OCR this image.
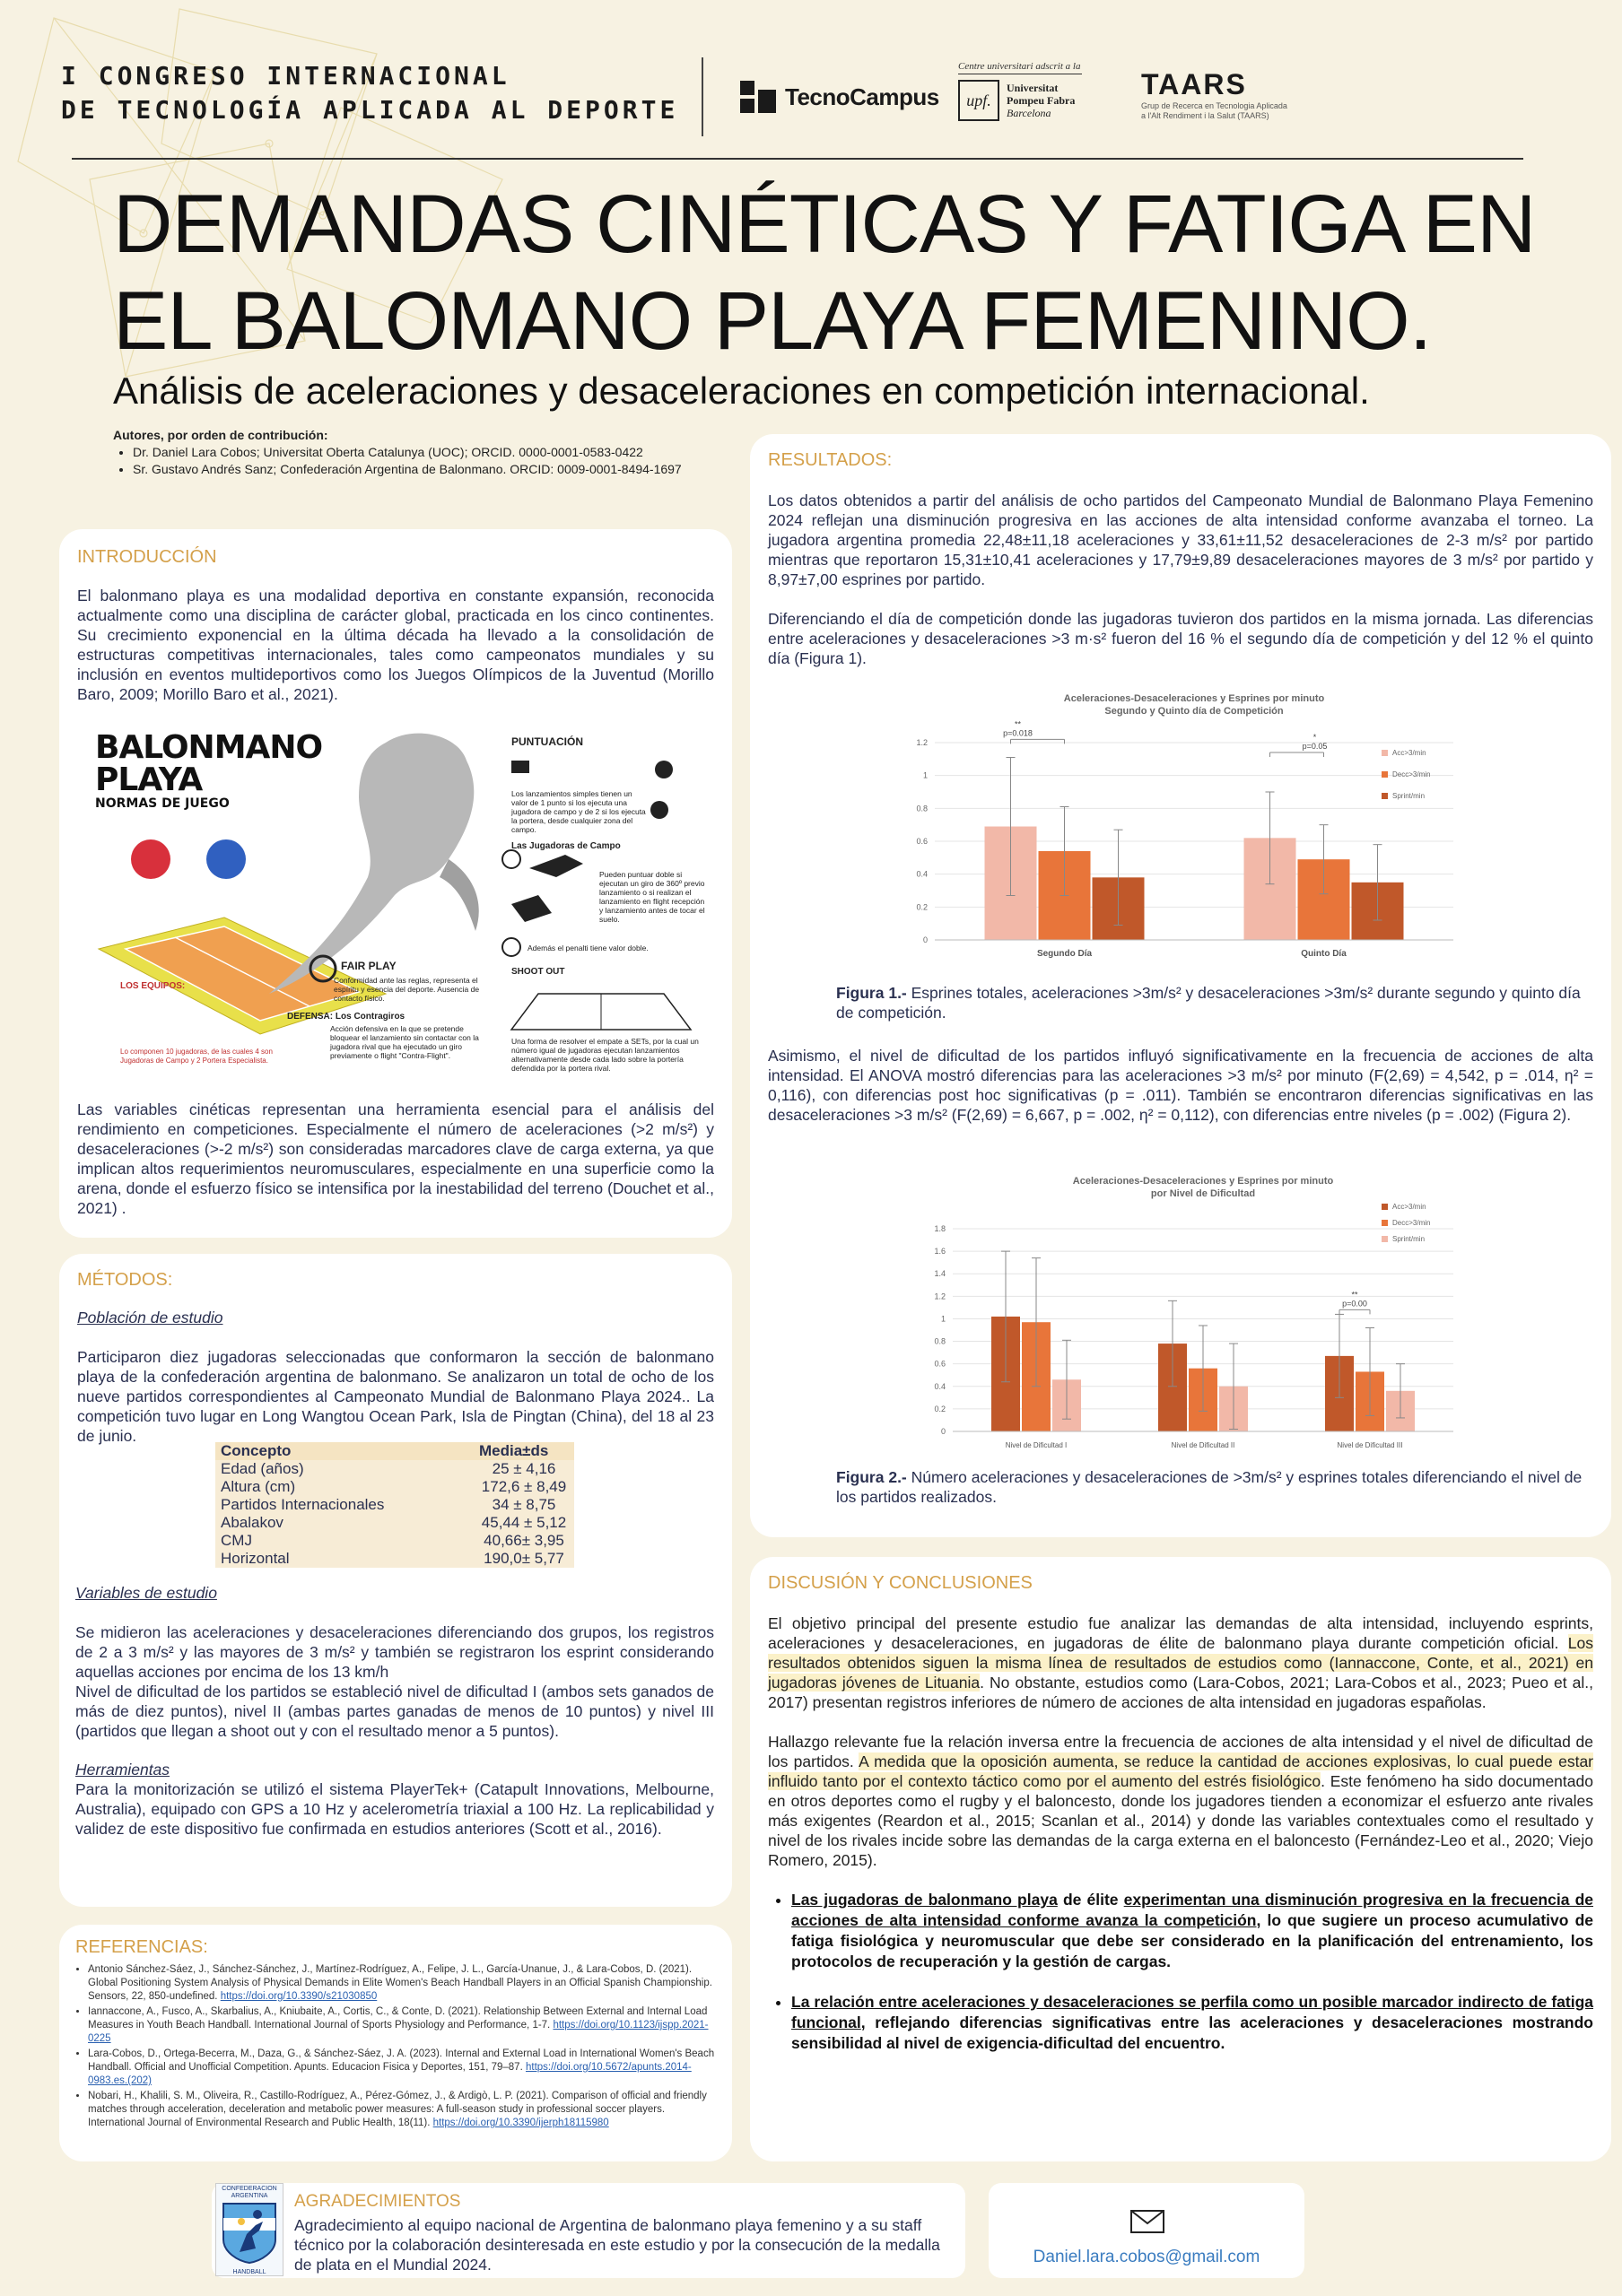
I CONGRESO INTERNACIONAL
DE TECNOLOGÍA APLICADA AL DEPORTE	TecnoCampus
Centre universitari adscrit a la
upf.
Universitat
Pompeu Fabra
Barcelona
TAARS
Grup de Recerca en Tecnologia Aplicada a l'Alt Rendiment i la Salut (TAARS)
DEMANDAS CINÉTICAS Y FATIGA EN
EL BALOMANO PLAYA FEMENINO.
Análisis de aceleraciones y desaceleraciones en competición internacional.
Autores, por orden de contribución:
• Dr. Daniel Lara Cobos; Universitat Oberta Catalunya (UOC); ORCID. 0000-0001-0583-0422
• Sr. Gustavo Andrés Sanz; Confederación Argentina de Balonmano. ORCID: 0009-0001-8494-1697
INTRODUCCIÓN
El balonmano playa es una modalidad deportiva en constante expansión, reconocida actualmente como una disciplina de carácter global, practicada en los cinco continentes. Su crecimiento exponencial en la última década ha llevado a la consolidación de estructuras competitivas internacionales, tales como campeonatos mundiales y su inclusión en eventos multideportivos como los Juegos Olímpicos de la Juventud (Morillo Baro, 2009; Morillo Baro et al., 2021).
BALONMANO
PLAYA
NORMAS DE JUEGO
PUNTUACIÓN
Los lanzamientos simples tienen un valor de 1 punto si los ejecuta una jugadora de campo y de 2 si los ejecuta la portera, desde cualquier zona del campo.
Las Jugadoras de Campo
Pueden puntuar doble si ejecutan un giro de 360º previo lanzamiento o si realizan el lanzamiento en flight recepción y lanzamiento antes de tocar el suelo.
Además el penalti tiene valor doble.
SHOOT OUT
Una forma de resolver el empate a SETs, por la cual un número igual de jugadoras ejecutan lanzamientos alternativamente desde cada lado sobre la portería defendida por la portera rival.
FAIR PLAY
Conformidad ante las reglas, representa el espíritu y esencia del deporte. Ausencia de contacto físico.
DEFENSA: Los Contragiros
Acción defensiva en la que se pretende bloquear el lanzamiento sin contactar con la jugadora rival que ha ejecutado un giro previamente o flight "Contra-Flight".
LOS EQUIPOS:
Lo componen 10 jugadoras, de las cuales 4 son Jugadoras de Campo y 2 Portera Especialista.
Las variables cinéticas representan una herramienta esencial para el análisis del rendimiento en competiciones. Especialmente el número de aceleraciones (>2 m/s²) y desaceleraciones (>-2 m/s²) son consideradas marcadores clave de carga externa, ya que implican altos requerimientos neuromusculares, especialmente en una superficie como la arena, donde el esfuerzo físico se intensifica por la inestabilidad del terreno (Douchet et al., 2021) .
MÉTODOS:

Población de estudio

Participaron diez jugadoras seleccionadas que conformaron la sección de balonmano playa de la confederación argentina de balonmano. Se analizaron un total de ocho de los nueve partidos correspondientes al Campeonato Mundial de Balonmano Playa 2024.. La competición tuvo lugar en Long Wangtou Ocean Park, Isla de Pingtan (China), del 18 al 23 de junio.
Concepto	Media±ds
Edad (años)	25 ± 4,16
Altura (cm)	172,6 ± 8,49
Partidos Internacionales	34 ± 8,75
Abalakov	45,44 ± 5,12
CMJ	40,66± 3,95
Horizontal	190,0± 5,77

Variables de estudio

Se midieron las aceleraciones y desaceleraciones diferenciando dos grupos, los registros de 2 a 3 m/s² y las mayores de 3 m/s² y también se registraron los esprint considerando aquellas acciones por encima de los 13 km/h
Nivel de dificultad de los partidos se estableció nivel de dificultad I (ambos sets ganados de más de diez puntos), nivel II (ambas partes ganadas de menos de 10 puntos) y nivel III (partidos que llegan a shoot out y con el resultado menor a 5 puntos).

Herramientas

Para la monitorización se utilizó el sistema PlayerTek+ (Catapult Innovations, Melbourne, Australia), equipado con GPS a 10 Hz y acelerometría triaxial a 100 Hz. La replicabilidad y validez de este dispositivo fue confirmada en estudios anteriores (Scott et al., 2016).
REFERENCIAS:
• Antonio Sánchez-Sáez, J., Sánchez-Sánchez, J., Martínez-Rodríguez, A., Felipe, J. L., García-Unanue, J., & Lara-Cobos, D. (2021). Global Positioning System Analysis of Physical Demands in Elite Women's Beach Handball Players in an Official Spanish Championship. Sensors, 22, 850-undefined. https://doi.org/10.3390/s21030850
• Iannaccone, A., Fusco, A., Skarbalius, A., Kniubaite, A., Cortis, C., & Conte, D. (2021). Relationship Between External and Internal Load Measures in Youth Beach Handball. International Journal of Sports Physiology and Performance, 1-7. https://doi.org/10.1123/ijspp.2021-0225
• Lara-Cobos, D., Ortega-Becerra, M., Daza, G., & Sánchez-Sáez, J. A. (2023). Internal and External Load in International Women's Beach Handball. Official and Unofficial Competition. Apunts. Educacion Fisica y Deportes, 151, 79–87. https://doi.org/10.5672/apunts.2014-0983.es.(202)
• Nobari, H., Khalili, S. M., Oliveira, R., Castillo-Rodríguez, A., Pérez-Gómez, J., & Ardigò, L. P. (2021). Comparison of official and friendly matches through acceleration, deceleration and metabolic power measures: A full-season study in professional soccer players. International Journal of Environmental Research and Public Health, 18(11). https://doi.org/10.3390/ijerph18115980
RESULTADOS:
Los datos obtenidos a partir del análisis de ocho partidos del Campeonato Mundial de Balonmano Playa Femenino 2024 reflejan una disminución progresiva en las acciones de alta intensidad conforme avanzaba el torneo. La jugadora argentina promedia 22,48±11,18 aceleraciones y 33,61±11,52 desaceleraciones de 2-3 m/s² por partido mientras que reportaron 15,31±10,41 aceleraciones y 17,79±9,89 desaceleraciones mayores de 3 m/s² por partido y 8,97±7,00 esprines por partido.
Diferenciando el día de competición donde las jugadoras tuvieron dos partidos en la misma jornada. Las diferencias entre aceleraciones y desaceleraciones >3 m·s² fueron del 16 % el segundo día de competición y del 12 % el quinto día (Figura 1).
Aceleraciones-Desaceleraciones y Esprines por minuto
Segundo y Quinto día de Competición
0
0.2
0.4
0.6
0.8
1
1.2
Segundo Día	Quinto Día
Acc>3/min
Decc>3/min
Sprint/min
**
p=0.018	*
p=0.05
Figura 1.- Esprines totales, aceleraciones >3m/s² y desaceleraciones >3m/s² durante segundo y quinto día de competición.
Asimismo, el nivel de dificultad de los partidos influyó significativamente en la frecuencia de acciones de alta intensidad. El ANOVA mostró diferencias para las aceleraciones >3 m/s² por minuto (F(2,69) = 4,542, p = .014, η² = 0,116), con diferencias post hoc significativas (p = .011). También se encontraron diferencias significativas en las desaceleraciones >3 m/s² (F(2,69) = 6,667, p = .002, η² = 0,112), con diferencias entre niveles (p = .002) (Figura 2).
Aceleraciones-Desaceleraciones y Esprines por minuto
por Nivel de Dificultad
0
0.2
0.4
0.6
0.8
1
1.2
1.4
1.6
1.8
Nivel de Dificultad I	Nivel de Dificultad II	Nivel de Dificultad III
Acc>3/min
Decc>3/min
Sprint/min
**
p=0.00
Figura 2.- Número aceleraciones y desaceleraciones de >3m/s² y esprines totales diferenciando el nivel de los partidos realizados.
DISCUSIÓN Y CONCLUSIONES
El objetivo principal del presente estudio fue analizar las demandas de alta intensidad, incluyendo esprints, aceleraciones y desaceleraciones, en jugadoras de élite de balonmano playa durante competición oficial. Los resultados obtenidos siguen la misma línea de resultados de estudios como (Iannaccone, Conte, et al., 2021) en jugadoras jóvenes de Lituania. No obstante, estudios como (Lara-Cobos, 2021; Lara-Cobos et al., 2023; Pueo et al., 2017) presentan registros inferiores de número de acciones de alta intensidad en jugadoras españolas.
Hallazgo relevante fue la relación inversa entre la frecuencia de acciones de alta intensidad y el nivel de dificultad de los partidos. A medida que la oposición aumenta, se reduce la cantidad de acciones explosivas, lo cual puede estar influido tanto por el contexto táctico como por el aumento del estrés fisiológico. Este fenómeno ha sido documentado en otros deportes como el rugby y el baloncesto, donde los jugadores tienden a economizar el esfuerzo ante rivales más exigentes (Reardon et al., 2015; Scanlan et al., 2014) y donde las variables contextuales como el resultado y nivel de los rivales incide sobre las demandas de la carga externa en el baloncesto (Fernández-Leo et al., 2020; Viejo Romero, 2015).
• Las jugadoras de balonmano playa de élite experimentan una disminución progresiva en la frecuencia de acciones de alta intensidad conforme avanza la competición, lo que sugiere un proceso acumulativo de fatiga fisiológica y neuromuscular que debe ser considerado en la planificación del entrenamiento, los protocolos de recuperación y la gestión de cargas.
• La relación entre aceleraciones y desaceleraciones se perfila como un posible marcador indirecto de fatiga funcional, reflejando diferencias significativas entre las aceleraciones y desaceleraciones mostrando sensibilidad al nivel de exigencia-dificultad del encuentro.
CONFEDERACION ARGENTINA
HANDBALL
AGRADECIMIENTOS
Agradecimiento al equipo nacional de Argentina de balonmano playa femenino y a su staff técnico por la colaboración desinteresada en este estudio y por la consecución de la medalla de plata en el Mundial 2024.	Daniel.lara.cobos@gmail.com
